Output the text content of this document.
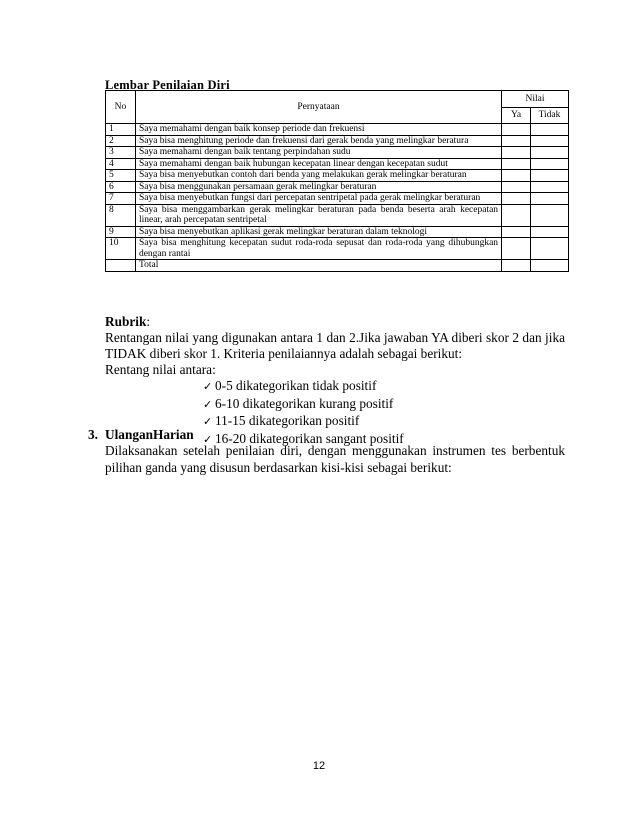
Lembar Penilaian Diri
No	Pernyataan	Nilai	
		Ya	Tidak
1	Saya memahami dengan baik konsep periode dan frekuensi		
2	Saya bisa menghitung periode dan frekuensi dari gerak benda yang melingkar beratura		
3	Saya memahami dengan baik tentang perpindahan sudu		
4	Saya memahami dengan baik hubungan kecepatan linear dengan kecepatan sudut		
5	Saya bisa menyebutkan contoh dari benda yang melakukan gerak melingkar beraturan		
6	Saya bisa menggunakan persamaan gerak melingkar beraturan		
7	Saya bisa menyebutkan fungsi dari percepatan sentripetal pada gerak melingkar beraturan		
8	Saya bisa menggambarkan gerak melingkar beraturan pada benda beserta arah kecepatan linear, arah percepatan sentripetal		
9	Saya bisa menyebutkan aplikasi gerak melingkar beraturan dalam teknologi		
10	Saya bisa menghitung kecepatan sudut roda-roda sepusat dan roda-roda yang dihubungkan dengan rantai		
	Total		

Rubrik:

Rentangan nilai yang digunakan antara 1 dan 2.Jika jawaban YA diberi skor 2 dan jika TIDAK diberi skor 1. Kriteria penilaiannya adalah sebagai berikut:

Rentang nilai antara:

✓ 0-5 dikategorikan tidak positif
✓ 6-10 dikategorikan kurang positif
✓ 11-15 dikategorikan positif
✓ 16-20 dikategorikan sangant positif
3. UlanganHarian
Dilaksanakan setelah penilaian diri, dengan menggunakan instrumen tes berbentuk pilihan ganda yang disusun berdasarkan kisi-kisi sebagai berikut:
12
